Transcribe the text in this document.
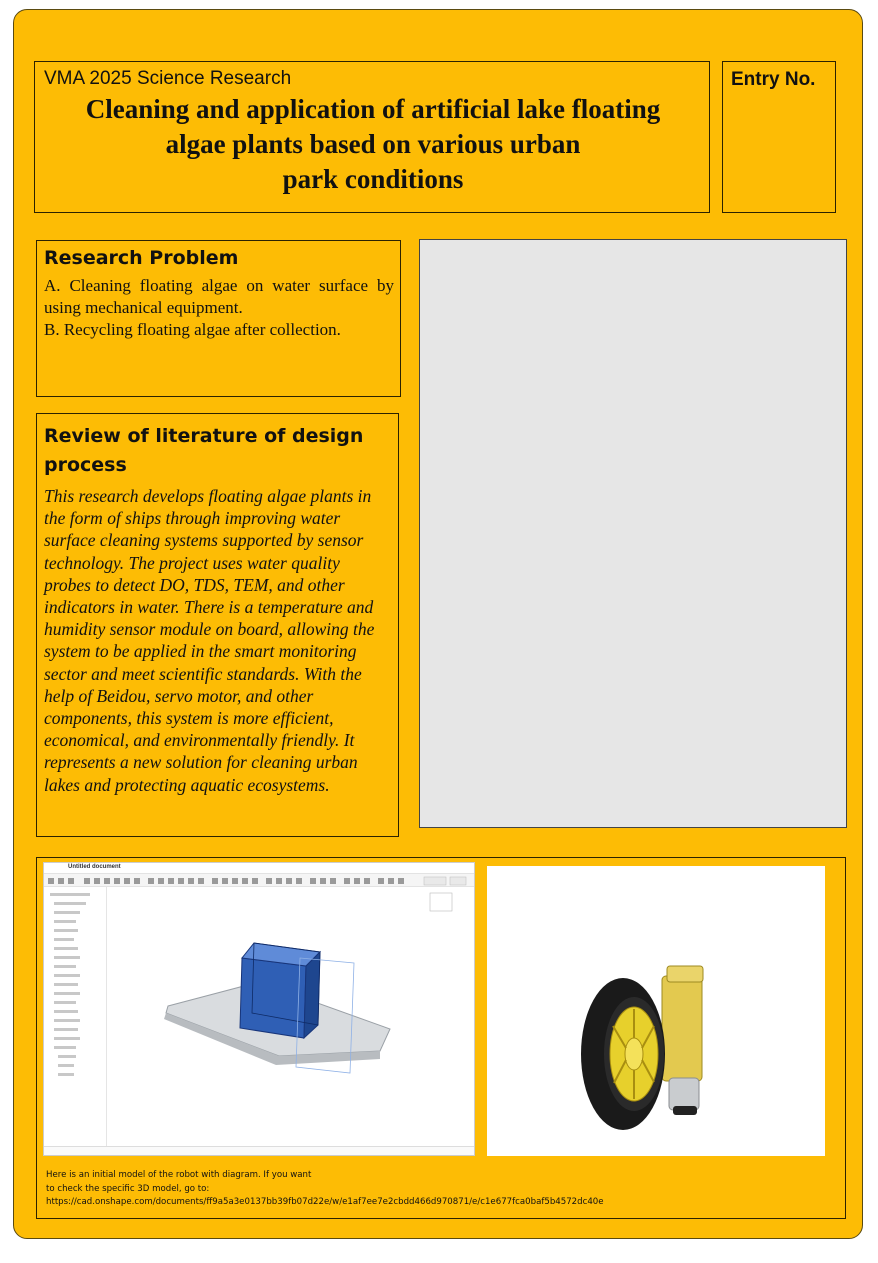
VMA 2025 Science Research
Cleaning and application of artificial lake floating
algae plants based on various urban
park conditions
Entry No.
Research Problem

A. Cleaning floating algae on water surface by using mechanical equipment.

B. Recycling floating algae after collection.

Review of literature of design process

This research develops floating algae plants in the form of ships through improving water surface cleaning systems supported by sensor technology. The project uses water quality probes to detect DO, TDS, TEM, and other indicators in water. There is a temperature and humidity sensor module on board, allowing the system to be applied in the smart monitoring sector and meet scientific standards. With the help of Beidou, servo motor, and other components, this system is more efficient, economical, and environmentally friendly. It represents a new solution for cleaning urban lakes and protecting aquatic ecosystems.

Untitled document
Here is an initial model of the robot with diagram. If you want
to check the specific 3D model, go to:
https://cad.onshape.com/documents/ff9a5a3e0137bb39fb07d22e/w/e1af7ee7e2cbdd466d970871/e/c1e677fca0baf5b4572dc40e
